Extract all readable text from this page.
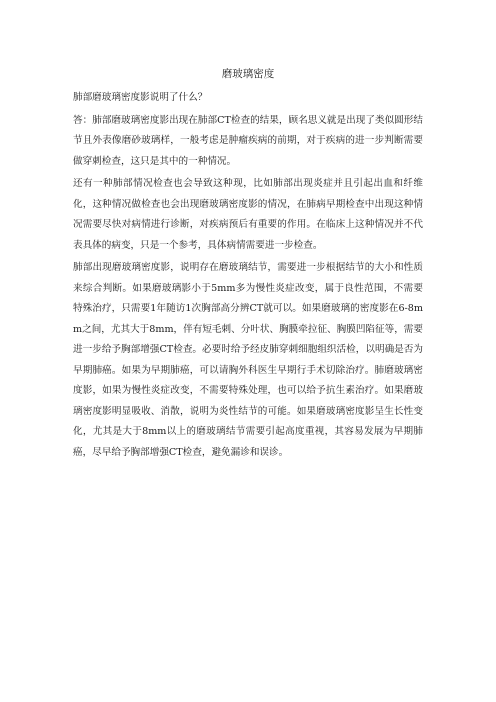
磨玻璃密度

肺部磨玻璃密度影说明了什么？

答：肺部磨玻璃密度影出现在肺部CT检查的结果，顾名思义就是出现了类似圆形结节且外表像磨砂玻璃样，一般考虑是肿瘤疾病的前期，对于疾病的进一步判断需要做穿刺检查，这只是其中的一种情况。

还有一种肺部情况检查也会导致这种现，比如肺部出现炎症并且引起出血和纤维化，这种情况做检查也会出现磨玻璃密度影的情况，在肺病早期检查中出现这种情况需要尽快对病情进行诊断，对疾病预后有重要的作用。在临床上这种情况并不代表具体的病变，只是一个参考，具体病情需要进一步检查。

肺部出现磨玻璃密度影，说明存在磨玻璃结节，需要进一步根据结节的大小和性质来综合判断。如果磨玻璃影小于5mm多为慢性炎症改变，属于良性范围，不需要特殊治疗，只需要1年随访1次胸部高分辨CT就可以。如果磨玻璃的密度影在6-8mm之间，尤其大于8mm，伴有短毛刺、分叶状、胸膜牵拉征、胸膜凹陷征等，需要进一步给予胸部增强CT检查。必要时给予经皮肺穿刺细胞组织活检，以明确是否为早期肺癌。如果为早期肺癌，可以请胸外科医生早期行手术切除治疗。肺磨玻璃密度影，如果为慢性炎症改变，不需要特殊处理，也可以给予抗生素治疗。如果磨玻璃密度影明显吸收、消散，说明为炎性结节的可能。如果磨玻璃密度影呈生长性变化，尤其是大于8mm以上的磨玻璃结节需要引起高度重视，其容易发展为早期肺癌，尽早给予胸部增强CT检查，避免漏诊和误诊。
